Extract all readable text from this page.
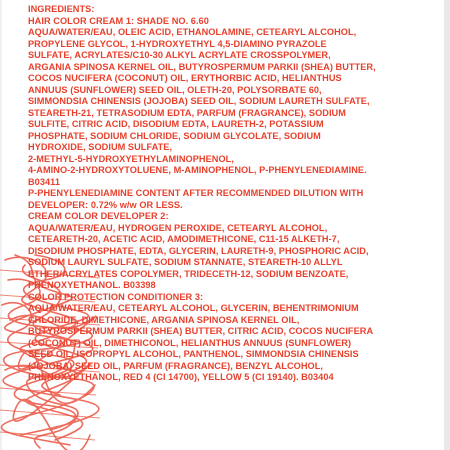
INGREDIENTS:
HAIR COLOR CREAM 1: SHADE NO. 6.60
AQUA/WATER/EAU, OLEIC ACID, ETHANOLAMINE, CETEARYL ALCOHOL,
PROPYLENE GLYCOL, 1-HYDROXYETHYL 4,5-DIAMINO PYRAZOLE
SULFATE, ACRYLATES/C10-30 ALKYL ACRYLATE CROSSPOLYMER,
ARGANIA SPINOSA KERNEL OIL, BUTYROSPERMUM PARKII (SHEA) BUTTER,
COCOS NUCIFERA (COCONUT) OIL, ERYTHORBIC ACID, HELIANTHUS
ANNUUS (SUNFLOWER) SEED OIL, OLETH-20, POLYSORBATE 60,
SIMMONDSIA CHINENSIS (JOJOBA) SEED OIL, SODIUM LAURETH SULFATE,
STEARETH-21, TETRASODIUM EDTA, PARFUM (FRAGRANCE), SODIUM
SULFITE, CITRIC ACID, DISODIUM EDTA, LAURETH-2, POTASSIUM
PHOSPHATE, SODIUM CHLORIDE, SODIUM GLYCOLATE, SODIUM
HYDROXIDE, SODIUM SULFATE,
2-METHYL-5-HYDROXYETHYLAMINOPHENOL,
4-AMINO-2-HYDROXYTOLUENE, M-AMINOPHENOL, P-PHENYLENEDIAMINE.
B03411
P-PHENYLENEDIAMINE CONTENT AFTER RECOMMENDED DILUTION WITH
DEVELOPER: 0.72% w/w OR LESS.
CREAM COLOR DEVELOPER 2:
AQUA/WATER/EAU, HYDROGEN PEROXIDE, CETEARYL ALCOHOL,
CETEARETH-20, ACETIC ACID, AMODIMETHICONE, C11-15 ALKETH-7,
DISODIUM PHOSPHATE, EDTA, GLYCERIN, LAURETH-9, PHOSPHORIC ACID,
SODIUM LAURYL SULFATE, SODIUM STANNATE, STEARETH-10 ALLYL
ETHER/ACRYLATES COPOLYMER, TRIDECETH-12, SODIUM BENZOATE,
PHENOXYETHANOL. B03398
COLOR PROTECTION CONDITIONER 3:
AQUA/WATER/EAU, CETEARYL ALCOHOL, GLYCERIN, BEHENTRIMONIUM
CHLORIDE, DIMETHICONE, ARGANIA SPINOSA KERNEL OIL,
BUTYROSPERMUM PARKII (SHEA) BUTTER, CITRIC ACID, COCOS NUCIFERA
(COCONUT) OIL, DIMETHICONOL, HELIANTHUS ANNUUS (SUNFLOWER)
SEED OIL, ISOPROPYL ALCOHOL, PANTHENOL, SIMMONDSIA CHINENSIS
(JOJOBA) SEED OIL, PARFUM (FRAGRANCE), BENZYL ALCOHOL,
PHENOXYETHANOL, RED 4 (CI 14700), YELLOW 5 (CI 19140). B03404
